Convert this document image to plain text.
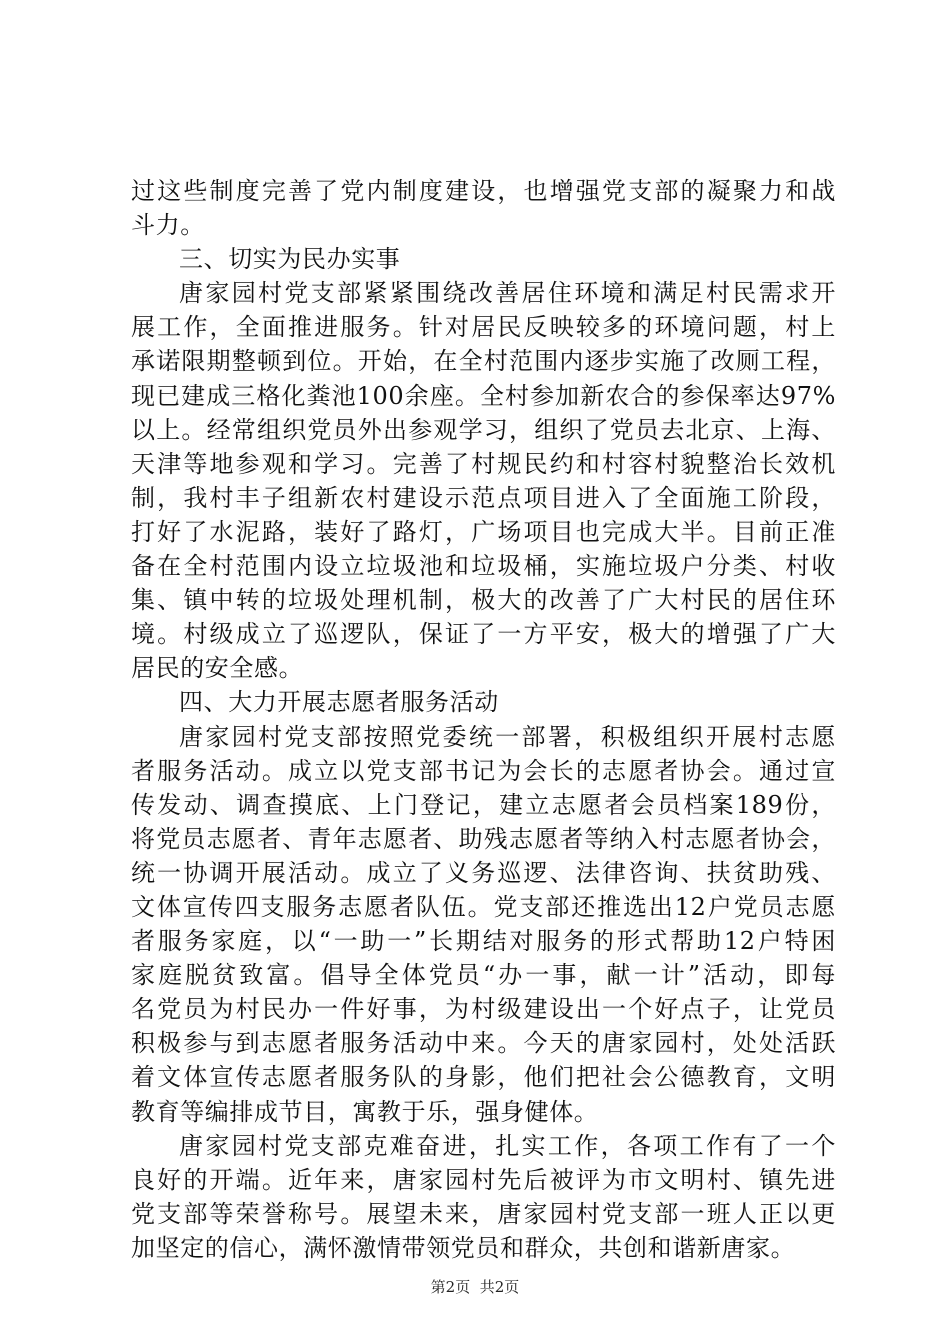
过这些制度完善了党内制度建设，也增强党支部的凝聚力和战
斗力。
三、切实为民办实事
唐家园村党支部紧紧围绕改善居住环境和满足村民需求开
展工作，全面推进服务。针对居民反映较多的环境问题，村上
承诺限期整顿到位。开始，在全村范围内逐步实施了改厕工程，
现已建成三格化粪池100余座。全村参加新农合的参保率达97%
以上。经常组织党员外出参观学习，组织了党员去北京、上海、
天津等地参观和学习。完善了村规民约和村容村貌整治长效机
制，我村丰子组新农村建设示范点项目进入了全面施工阶段，
打好了水泥路，装好了路灯，广场项目也完成大半。目前正准
备在全村范围内设立垃圾池和垃圾桶，实施垃圾户分类、村收
集、镇中转的垃圾处理机制，极大的改善了广大村民的居住环
境。村级成立了巡逻队，保证了一方平安，极大的增强了广大
居民的安全感。
四、大力开展志愿者服务活动
唐家园村党支部按照党委统一部署，积极组织开展村志愿
者服务活动。成立以党支部书记为会长的志愿者协会。通过宣
传发动、调查摸底、上门登记，建立志愿者会员档案189份，
将党员志愿者、青年志愿者、助残志愿者等纳入村志愿者协会，
统一协调开展活动。成立了义务巡逻、法律咨询、扶贫助残、
文体宣传四支服务志愿者队伍。党支部还推选出12户党员志愿
者服务家庭，以“一助一”长期结对服务的形式帮助12户特困
家庭脱贫致富。倡导全体党员“办一事，献一计”活动，即每
名党员为村民办一件好事，为村级建设出一个好点子，让党员
积极参与到志愿者服务活动中来。今天的唐家园村，处处活跃
着文体宣传志愿者服务队的身影，他们把社会公德教育，文明
教育等编排成节目，寓教于乐，强身健体。
唐家园村党支部克难奋进，扎实工作，各项工作有了一个
良好的开端。近年来，唐家园村先后被评为市文明村、镇先进
党支部等荣誉称号。展望未来，唐家园村党支部一班人正以更
加坚定的信心，满怀激情带领党员和群众，共创和谐新唐家。
第2页 共2页
